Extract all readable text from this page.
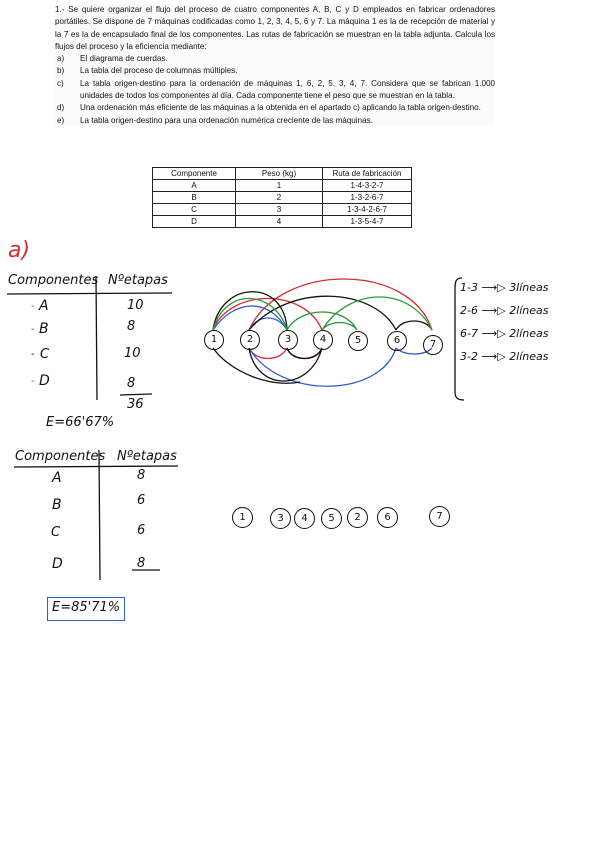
1.- Se quiere organizar el flujo del proceso de cuatro componentes A, B, C y D empleados en fabricar ordenadores portátiles. Se dispone de 7 máquinas codificadas como 1, 2, 3, 4, 5, 6 y 7. La máquina 1 es la de recepción de material y la 7 es la de encapsulado final de los componentes. Las rutas de fabricación se muestran en la tabla adjunta. Calcula los flujos del proceso y la eficiencia mediante:

a) El diagrama de cuerdas.
b) La tabla del proceso de columnas múltiples.
c) La tabla origen-destino para la ordenación de máquinas 1, 6, 2, 5, 3, 4, 7. Considera que se fabrican 1.000 unidades de todos los componentes al día. Cada componente tiene el peso que se muestran en la tabla.
d) Una ordenación más eficiente de las máquinas a la obtenida en el apartado c) aplicando la tabla origen-destino.
e) La tabla origen-destino para una ordenación numérica creciente de las máquinas.
Componente	Peso (kg)	Ruta de fabricación
A	1	1-4-3-2-7
B	2	1-3-2-6-7
C	3	1-3-4-2-6-7
D	4	1-3-5-4-7
a)
Componentes Nºetapas
- A	10
- B	8
- C	10
- D	8
36
E=66'67%
Componentes Nºetapas
A	8
B	6
C	6
D	8
E=85'71%
1	2	3	4	5	6	7
1-3 ⟶▷ 3líneas
2-6 ⟶▷ 2líneas
6-7 ⟶▷ 2líneas
3-2 ⟶▷ 2líneas
1	3	4	5	2	6	7
